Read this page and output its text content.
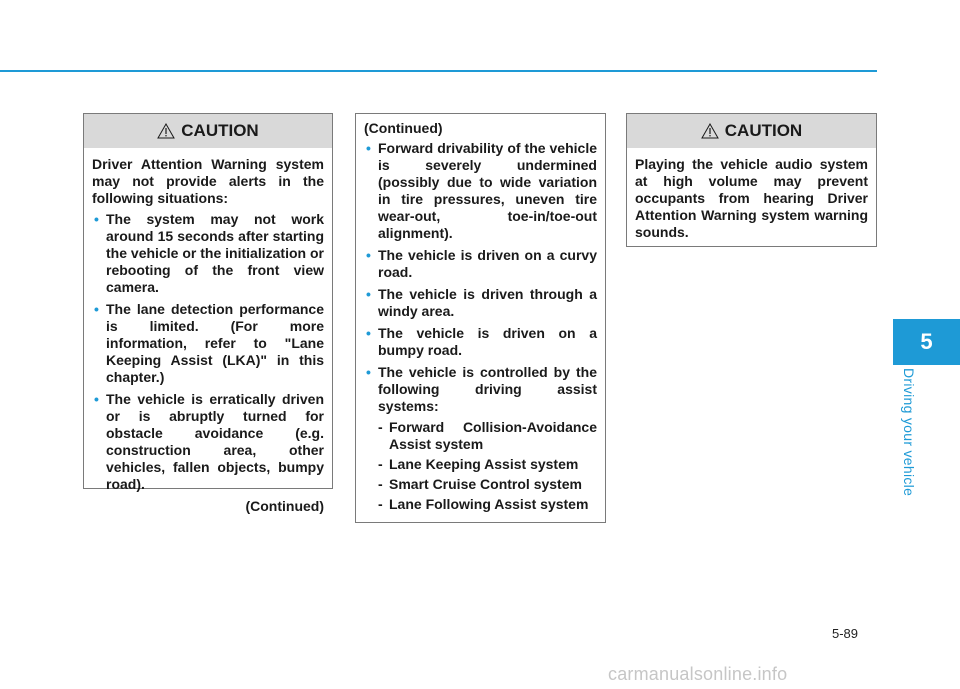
CAUTION

Driver Attention Warning system may not provide alerts in the following situations:

• The system may not work around 15 seconds after starting the vehicle or the initialization or rebooting of the front view camera.
• The lane detection performance is limited. (For more information, refer to "Lane Keeping Assist (LKA)" in this chapter.)
• The vehicle is erratically driven or is abruptly turned for obstacle avoidance (e.g. construction area, other vehicles, fallen objects, bumpy road).
(Continued)

(Continued)

• Forward drivability of the vehicle is severely undermined (possibly due to wide variation in tire pressures, uneven tire wear-out, toe-in/toe-out alignment).
• The vehicle is driven on a curvy road.
• The vehicle is driven through a windy area.
• The vehicle is driven on a bumpy road.
• The vehicle is controlled by the following driving assist systems:
- Forward Collision-Avoidance Assist system
- Lane Keeping Assist system
- Smart Cruise Control system
- Lane Following Assist system
CAUTION

Playing the vehicle audio system at high volume may prevent occupants from hearing Driver Attention Warning system warning sounds.

5
Driving your vehicle
5-89
carmanualsonline.info
